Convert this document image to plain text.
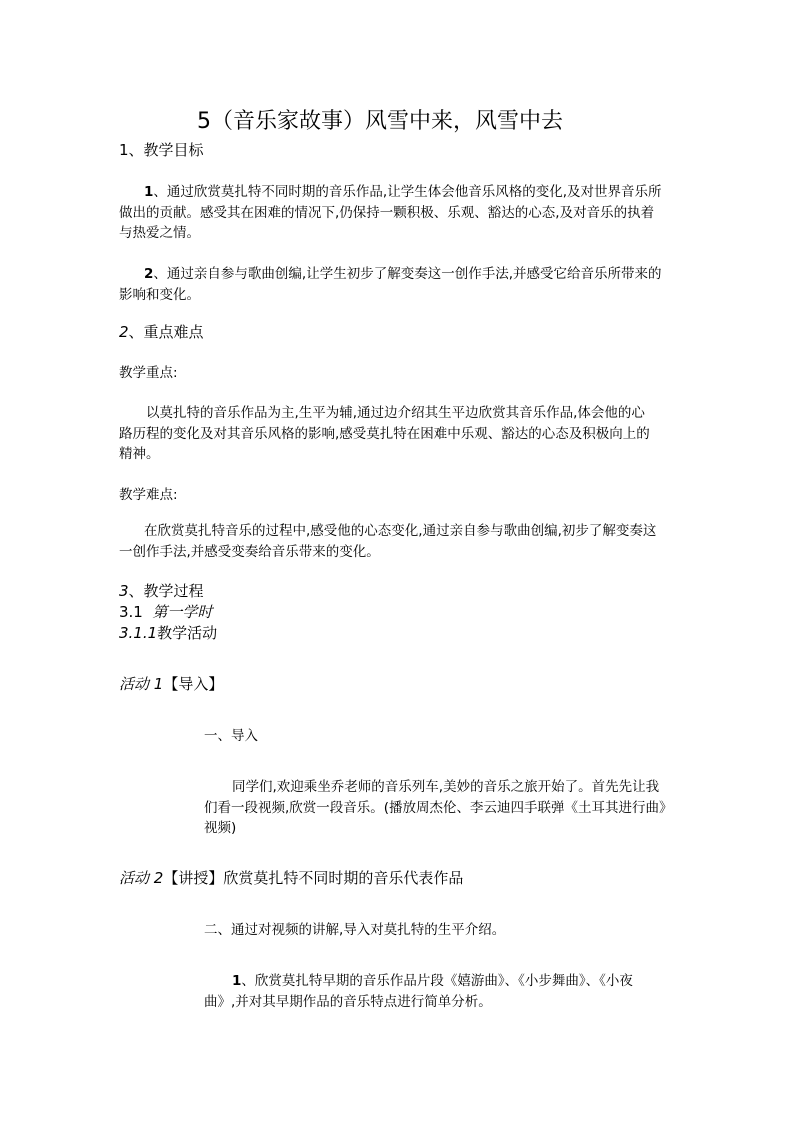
5（音乐家故事）风雪中来，风雪中去
1、教学目标
1、通过欣赏莫扎特不同时期的音乐作品,让学生体会他音乐风格的变化,及对世界音乐所
做出的贡献。感受其在困难的情况下,仍保持一颗积极、乐观、豁达的心态,及对音乐的执着
与热爱之情。
2、通过亲自参与歌曲创编,让学生初步了解变奏这一创作手法,并感受它给音乐所带来的
影响和变化。
2、重点难点
教学重点:
以莫扎特的音乐作品为主,生平为辅,通过边介绍其生平边欣赏其音乐作品,体会他的心
路历程的变化及对其音乐风格的影响,感受莫扎特在困难中乐观、豁达的心态及积极向上的
精神。
教学难点:
在欣赏莫扎特音乐的过程中,感受他的心态变化,通过亲自参与歌曲创编,初步了解变奏这
一创作手法,并感受变奏给音乐带来的变化。
3、教学过程
3.1 第一学时
3.1.1教学活动
活动 1【导入】
一、导入
同学们,欢迎乘坐乔老师的音乐列车,美妙的音乐之旅开始了。首先先让我
们看一段视频,欣赏一段音乐。(播放周杰伦、李云迪四手联弹《土耳其进行曲》
视频)
活动 2【讲授】欣赏莫扎特不同时期的音乐代表作品
二、通过对视频的讲解,导入对莫扎特的生平介绍。
1、欣赏莫扎特早期的音乐作品片段《嬉游曲》、《小步舞曲》、《小夜
曲》,并对其早期作品的音乐特点进行简单分析。
